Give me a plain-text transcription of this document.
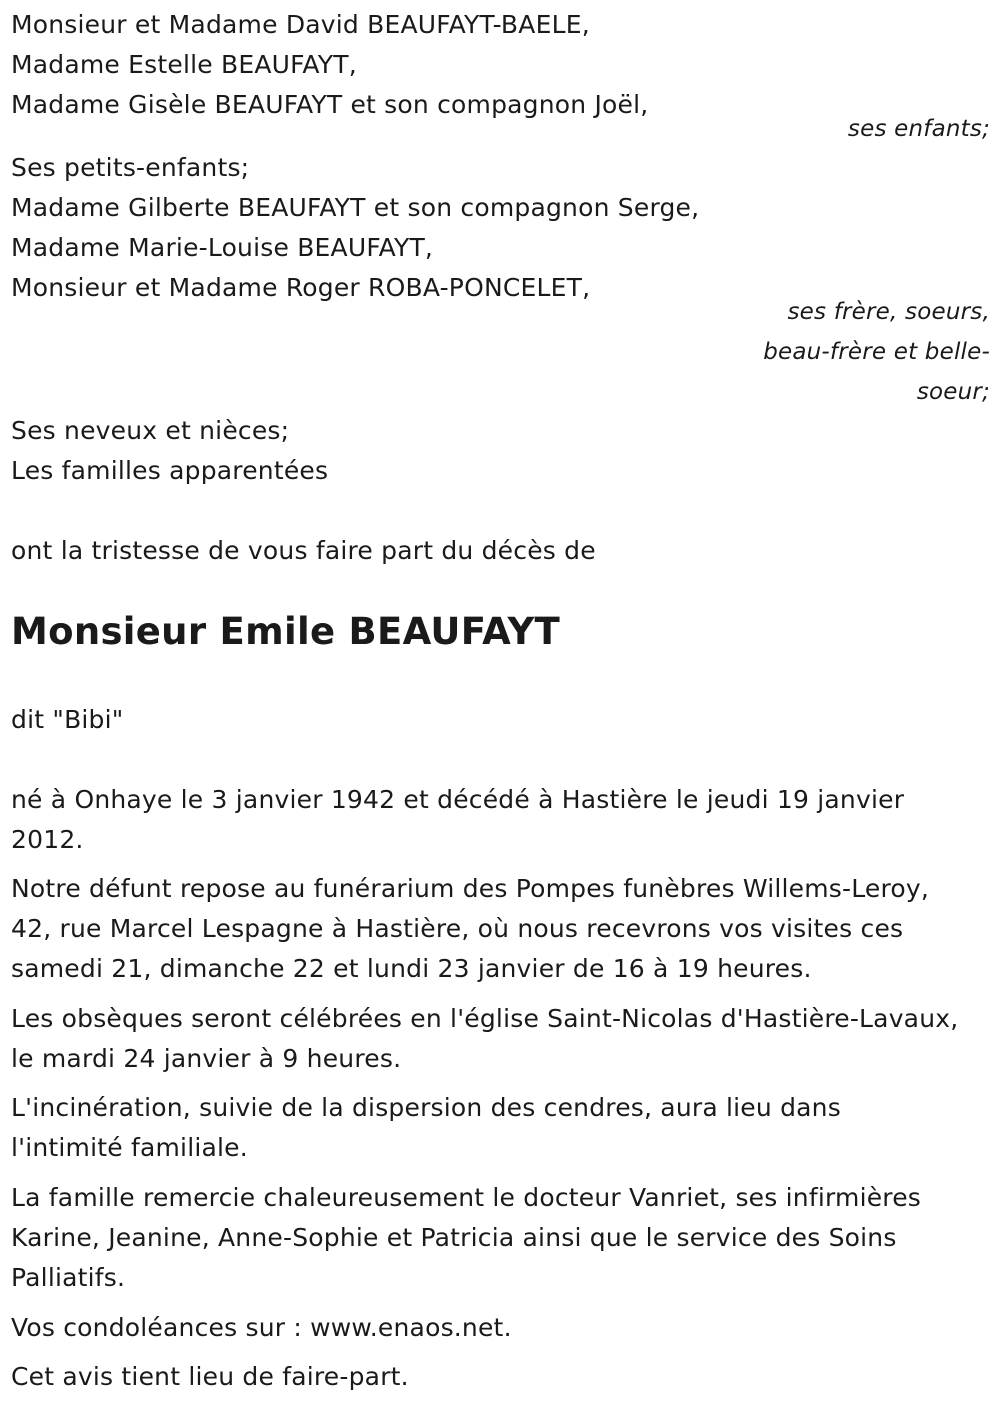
Monsieur et Madame David BEAUFAYT-BAELE,
Madame Estelle BEAUFAYT,
Madame Gisèle BEAUFAYT et son compagnon Joël,
ses enfants;
Ses petits-enfants;
Madame Gilberte BEAUFAYT et son compagnon Serge,
Madame Marie-Louise BEAUFAYT,
Monsieur et Madame Roger ROBA-PONCELET,
ses frère, soeurs,
beau-frère et belle-
soeur;
Ses neveux et nièces;
Les familles apparentées
ont la tristesse de vous faire part du décès de
Monsieur Emile BEAUFAYT
dit "Bibi"
né à Onhaye le 3 janvier 1942 et décédé à Hastière le jeudi 19 janvier
2012.
Notre défunt repose au funérarium des Pompes funèbres Willems-Leroy,
42, rue Marcel Lespagne à Hastière, où nous recevrons vos visites ces
samedi 21, dimanche 22 et lundi 23 janvier de 16 à 19 heures.
Les obsèques seront célébrées en l'église Saint-Nicolas d'Hastière-Lavaux,
le mardi 24 janvier à 9 heures.
L'incinération, suivie de la dispersion des cendres, aura lieu dans
l'intimité familiale.
La famille remercie chaleureusement le docteur Vanriet, ses infirmières
Karine, Jeanine, Anne-Sophie et Patricia ainsi que le service des Soins
Palliatifs.
Vos condoléances sur : www.enaos.net.
Cet avis tient lieu de faire-part.
